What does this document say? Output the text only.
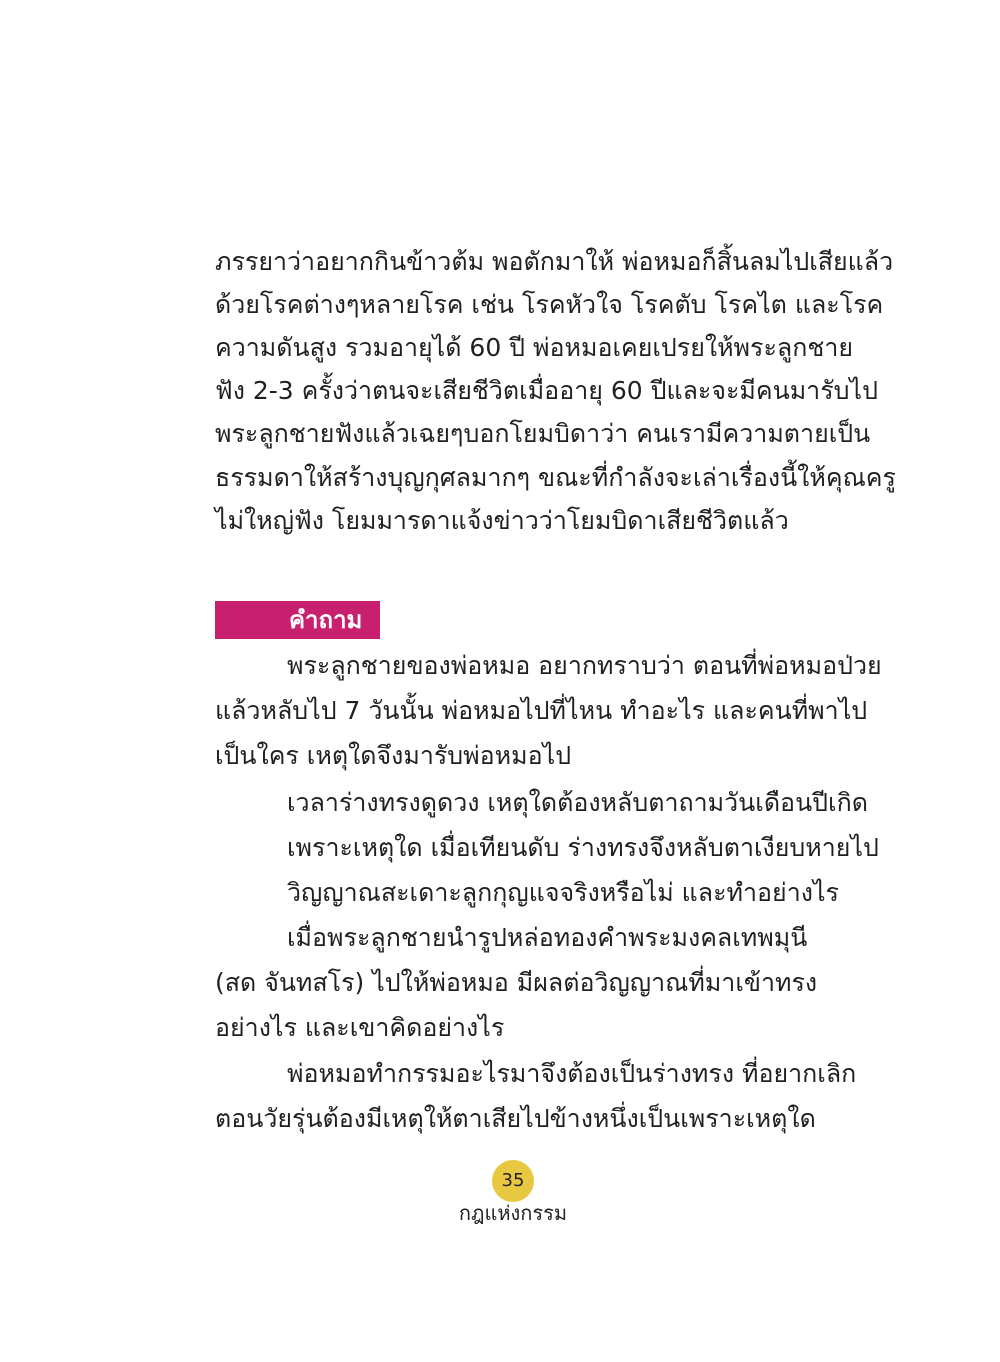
ภรรยาว่าอยากกินข้าวต้ม พอตักมาให้ พ่อหมอก็สิ้นลมไปเสียแล้ว
ด้วยโรคต่างๆหลายโรค เช่น โรคหัวใจ โรคตับ โรคไต และโรค
ความดันสูง รวมอายุได้ 60 ปี พ่อหมอเคยเปรยให้พระลูกชาย
ฟัง 2-3 ครั้งว่าตนจะเสียชีวิตเมื่ออายุ 60 ปีและจะมีคนมารับไป
พระลูกชายฟังแล้วเฉยๆบอกโยมบิดาว่า คนเรามีความตายเป็น
ธรรมดาให้สร้างบุญกุศลมากๆ ขณะที่กำลังจะเล่าเรื่องนี้ให้คุณครู
ไม่ใหญ่ฟัง โยมมารดาแจ้งข่าวว่าโยมบิดาเสียชีวิตแล้ว
คำถาม
พระลูกชายของพ่อหมอ อยากทราบว่า ตอนที่พ่อหมอป่วย
แล้วหลับไป 7 วันนั้น พ่อหมอไปที่ไหน ทำอะไร และคนที่พาไป
เป็นใคร เหตุใดจึงมารับพ่อหมอไป
เวลาร่างทรงดูดวง เหตุใดต้องหลับตาถามวันเดือนปีเกิด
เพราะเหตุใด เมื่อเทียนดับ ร่างทรงจึงหลับตาเงียบหายไป
วิญญาณสะเดาะลูกกุญแจจริงหรือไม่ และทำอย่างไร
เมื่อพระลูกชายนำรูปหล่อทองคำพระมงคลเทพมุนี
(สด จันทสโร) ไปให้พ่อหมอ มีผลต่อวิญญาณที่มาเข้าทรง
อย่างไร และเขาคิดอย่างไร
พ่อหมอทำกรรมอะไรมาจึงต้องเป็นร่างทรง ที่อยากเลิก
ตอนวัยรุ่นต้องมีเหตุให้ตาเสียไปข้างหนึ่งเป็นเพราะเหตุใด
35
กฎแห่งกรรม
